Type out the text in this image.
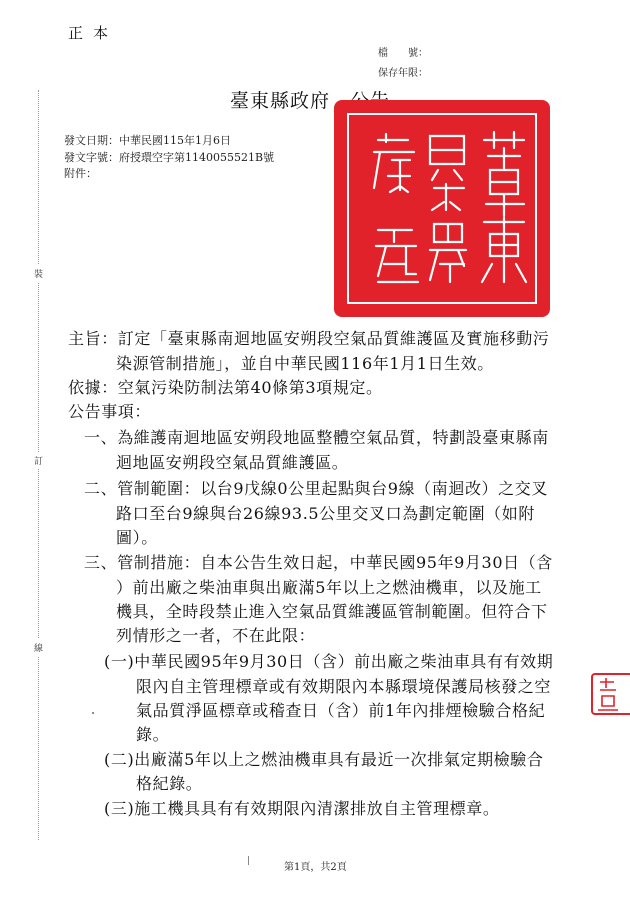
正本
檔　　號：
保存年限：
臺東縣政府
發文日期：中華民國115年1月6日
發文字號：府授環空字第1140055521B號
附件：
裝
訂
線
主旨：訂定「臺東縣南迴地區安朔段空氣品質維護區及實施移動污
染源管制措施」，並自中華民國116年1月1日生效。
依據：空氣污染防制法第40條第3項規定。
公告事項：
一、為維護南迴地區安朔段地區整體空氣品質，特劃設臺東縣南
迴地區安朔段空氣品質維護區。
二、管制範圍：以台9戊線0公里起點與台9線（南迴改）之交叉
路口至台9線與台26線93.5公里交叉口為劃定範圍（如附
圖）。
三、管制措施：自本公告生效日起，中華民國95年9月30日（含
）前出廠之柴油車與出廠滿5年以上之燃油機車，以及施工
機具，全時段禁止進入空氣品質維護區管制範圍。但符合下
列情形之一者，不在此限：
(一)中華民國95年9月30日（含）前出廠之柴油車具有有效期
限內自主管理標章或有效期限內本縣環境保護局核發之空
氣品質淨區標章或稽查日（含）前1年內排煙檢驗合格紀
錄。
(二)出廠滿5年以上之燃油機車具有最近一次排氣定期檢驗合
格紀錄。
(三)施工機具具有有效期限內清潔排放自主管理標章。
第1頁，共2頁
